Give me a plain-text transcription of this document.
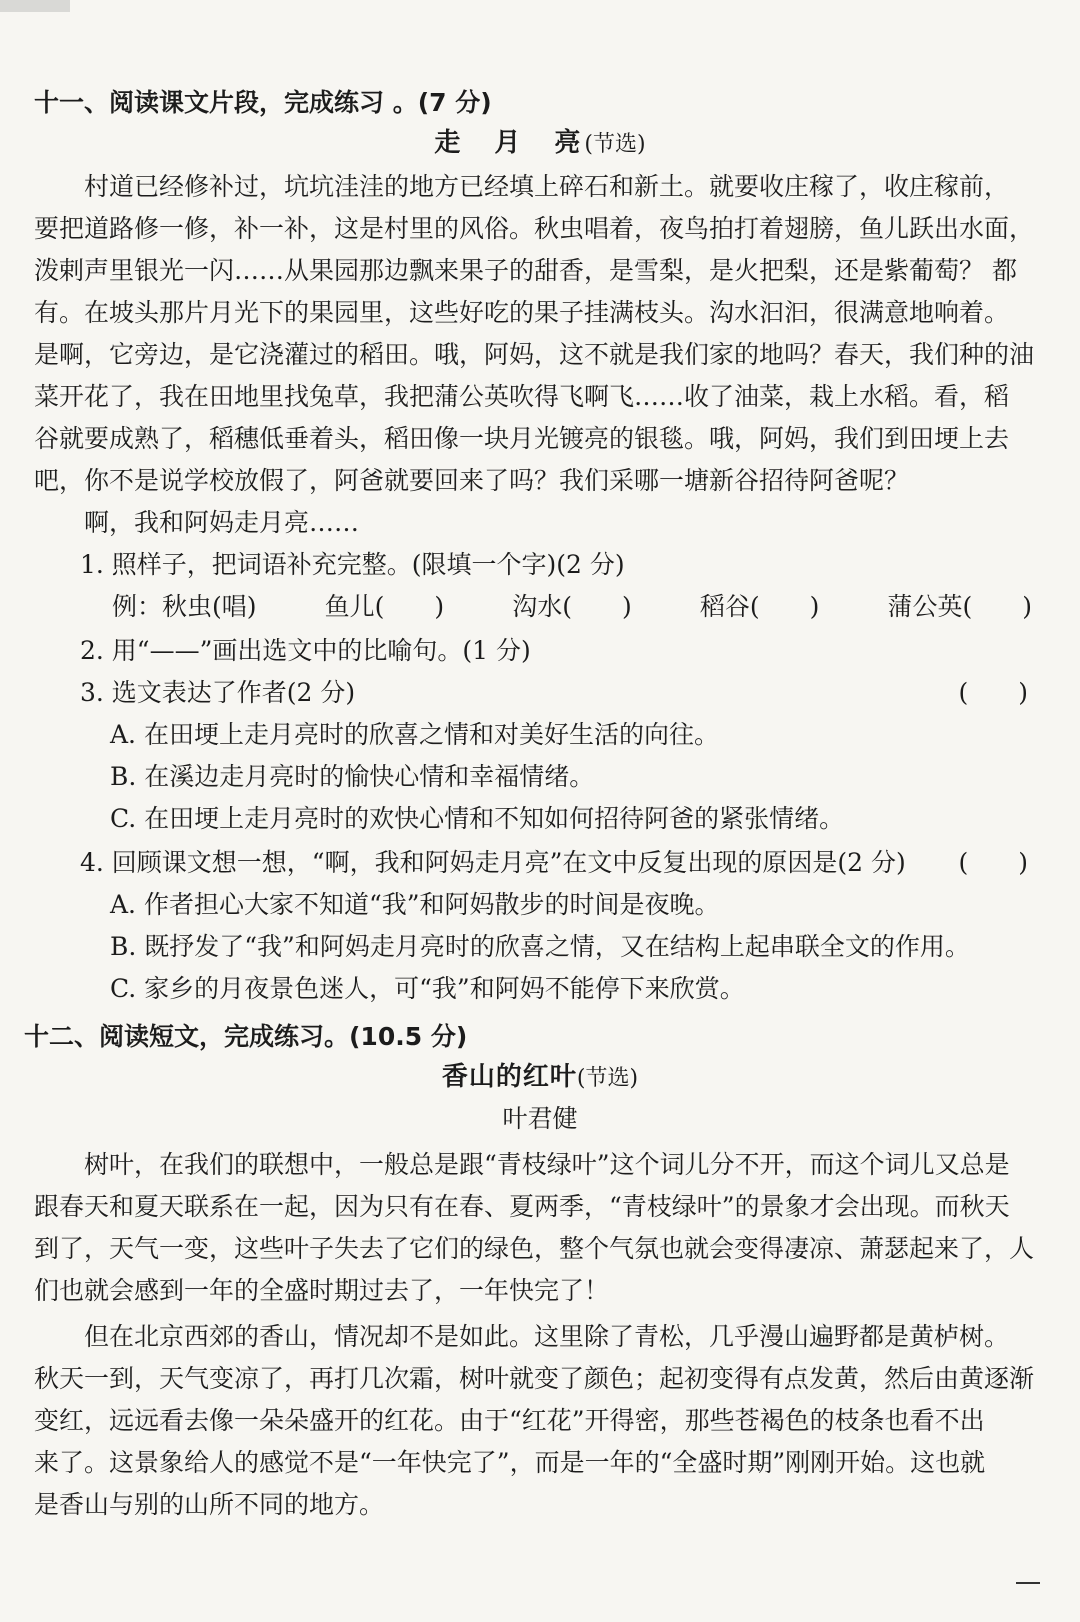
十一、阅读课文片段，完成练习 。(7 分)
走　月　亮(节选)
村道已经修补过，坑坑洼洼的地方已经填上碎石和新土。就要收庄稼了，收庄稼前，
要把道路修一修，补一补，这是村里的风俗。秋虫唱着，夜鸟拍打着翅膀，鱼儿跃出水面，
泼剌声里银光一闪……从果园那边飘来果子的甜香，是雪梨，是火把梨，还是紫葡萄？ 都
有。在坡头那片月光下的果园里，这些好吃的果子挂满枝头。沟水汩汩，很满意地响着。
是啊，它旁边，是它浇灌过的稻田。哦，阿妈，这不就是我们家的地吗？春天，我们种的油
菜开花了，我在田地里找兔草，我把蒲公英吹得飞啊飞……收了油菜，栽上水稻。看，稻
谷就要成熟了，稻穗低垂着头，稻田像一块月光镀亮的银毯。哦，阿妈，我们到田埂上去
吧，你不是说学校放假了，阿爸就要回来了吗？我们采哪一塘新谷招待阿爸呢？
啊，我和阿妈走月亮……
1. 照样子，把词语补充完整。(限填一个字)(2 分)
例：秋虫(唱)	鱼儿(　　)	沟水(　　)	稻谷(　　)	蒲公英(　　)
2. 用“——”画出选文中的比喻句。(1 分)
3. 选文表达了作者(2 分)	(　　)
A. 在田埂上走月亮时的欣喜之情和对美好生活的向往。
B. 在溪边走月亮时的愉快心情和幸福情绪。
C. 在田埂上走月亮时的欢快心情和不知如何招待阿爸的紧张情绪。
4. 回顾课文想一想，“啊，我和阿妈走月亮”在文中反复出现的原因是(2 分) (　　)
A. 作者担心大家不知道“我”和阿妈散步的时间是夜晚。
B. 既抒发了“我”和阿妈走月亮时的欣喜之情，又在结构上起串联全文的作用。
C. 家乡的月夜景色迷人，可“我”和阿妈不能停下来欣赏。
十二、阅读短文，完成练习。(10.5 分)
香山的红叶(节选)
叶君健
树叶，在我们的联想中，一般总是跟“青枝绿叶”这个词儿分不开，而这个词儿又总是
跟春天和夏天联系在一起，因为只有在春、夏两季，“青枝绿叶”的景象才会出现。而秋天
到了，天气一变，这些叶子失去了它们的绿色，整个气氛也就会变得凄凉、萧瑟起来了，人
们也就会感到一年的全盛时期过去了，一年快完了！
但在北京西郊的香山，情况却不是如此。这里除了青松，几乎漫山遍野都是黄栌树。
秋天一到，天气变凉了，再打几次霜，树叶就变了颜色；起初变得有点发黄，然后由黄逐渐
变红，远远看去像一朵朵盛开的红花。由于“红花”开得密，那些苍褐色的枝条也看不出
来了。这景象给人的感觉不是“一年快完了”，而是一年的“全盛时期”刚刚开始。这也就
是香山与别的山所不同的地方。
